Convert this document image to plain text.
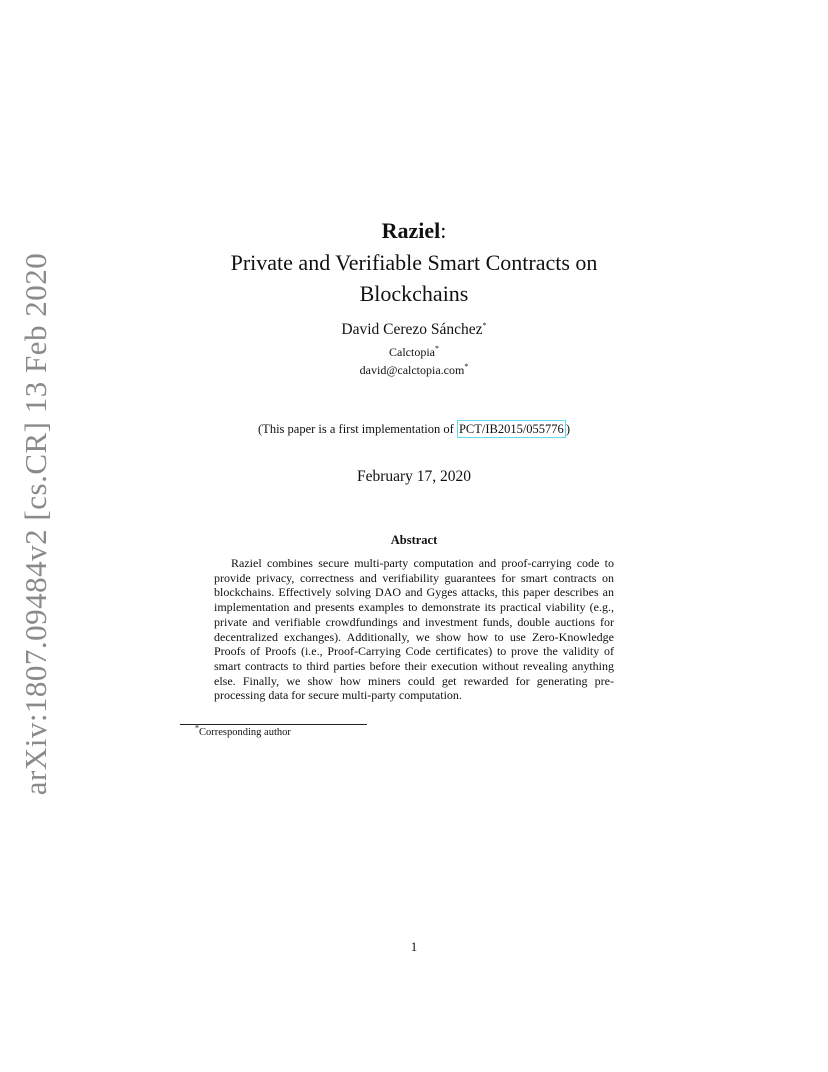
arXiv:1807.09484v2 [cs.CR] 13 Feb 2020
Raziel:
Private and Verifiable Smart Contracts on
Blockchains
David Cerezo Sánchez*
Calctopia*
david@calctopia.com*
(This paper is a first implementation of PCT/IB2015/055776 )
February 17, 2020
Abstract

Raziel combines secure multi-party computation and proof-carrying code to provide privacy, correctness and verifiability guarantees for smart contracts on blockchains. Effectively solving DAO and Gyges attacks, this paper describes an implementation and presents examples to demonstrate its practical viability (e.g., private and verifiable crowdfundings and investment funds, double auctions for decentralized exchanges). Additionally, we show how to use Zero-Knowledge Proofs of Proofs (i.e., Proof-Carrying Code certificates) to prove the validity of smart contracts to third parties before their execution without revealing anything else. Finally, we show how miners could get rewarded for generating pre-processing data for secure multi-party computation.

*Corresponding author
1
